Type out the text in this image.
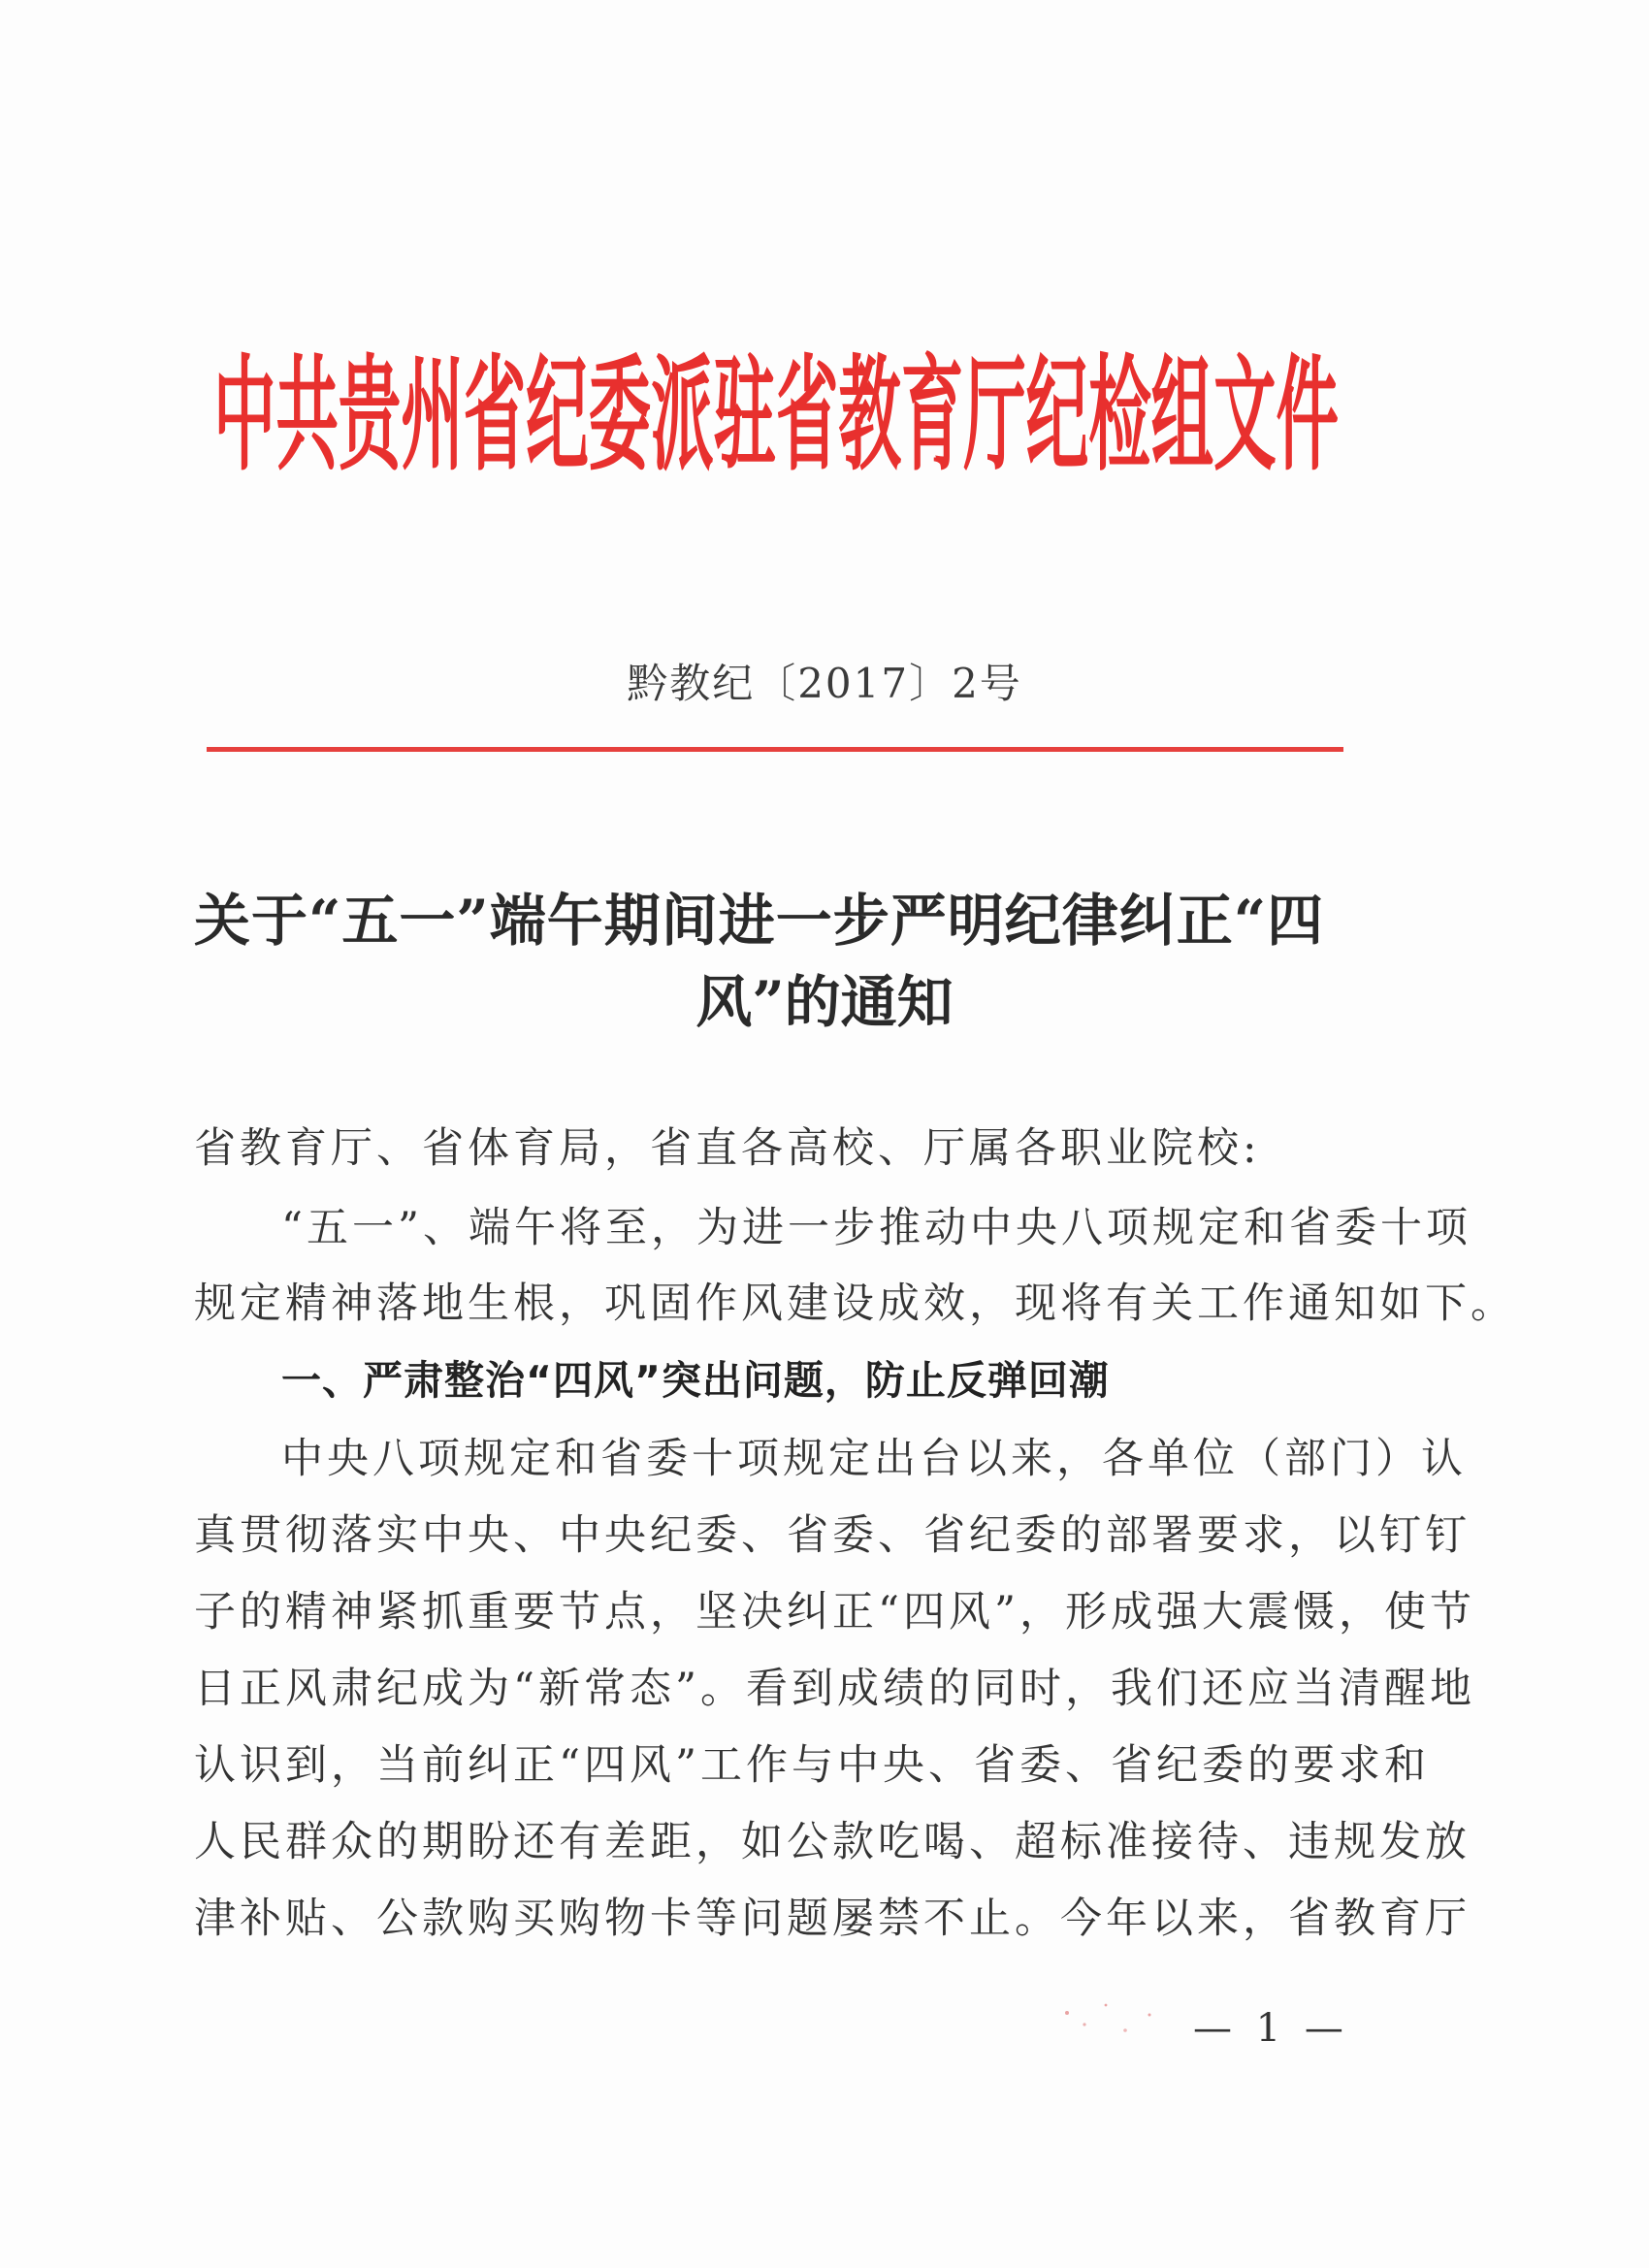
中共贵州省纪委派驻省教育厅纪检组文件
黔教纪〔2017〕2号
关于“五一”端午期间进一步严明纪律纠正“四
风”的通知
省教育厅、省体育局，省直各高校、厅属各职业院校:
“五一”、端午将至，为进一步推动中央八项规定和省委十项
规定精神落地生根，巩固作风建设成效，现将有关工作通知如下。
一、严肃整治“四风”突出问题，防止反弹回潮
中央八项规定和省委十项规定出台以来，各单位（部门）认
真贯彻落实中央、中央纪委、省委、省纪委的部署要求，以钉钉
子的精神紧抓重要节点，坚决纠正“四风”，形成强大震慑，使节
日正风肃纪成为“新常态”。看到成绩的同时，我们还应当清醒地
认识到，当前纠正“四风”工作与中央、省委、省纪委的要求和
人民群众的期盼还有差距，如公款吃喝、超标准接待、违规发放
津补贴、公款购买购物卡等问题屡禁不止。今年以来，省教育厅
— 1 —
